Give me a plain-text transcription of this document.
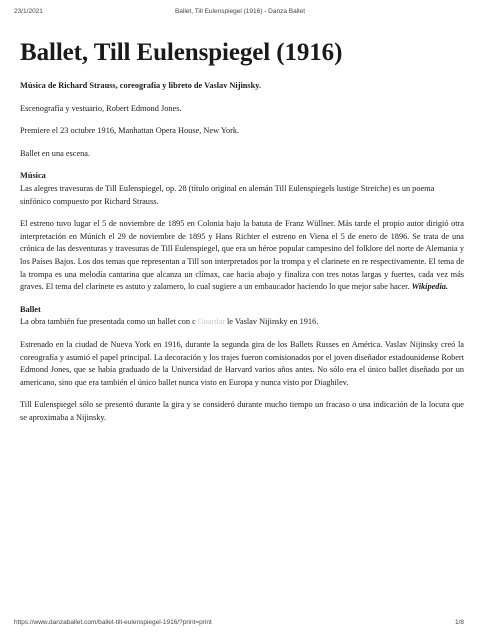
23/1/2021	Ballet, Till Eulenspiegel (1916) - Danza Ballet
Ballet, Till Eulenspiegel (1916)

Música de Richard Strauss, coreografía y libreto de Vaslav Nijinsky.

Escenografía y vestuario, Robert Edmond Jones.

Premiere el 23 octubre 1916, Manhattan Opera House, New York.

Ballet en una escena.

Música

Las alegres travesuras de Till Eulenspiegel, op. 28 (título original en alemán Till Eulenspiegels lustige Streiche) es un poema sinfónico compuesto por Richard Strauss.

El estreno tuvo lugar el 5 de noviembre de 1895 en Colonia bajo la batuta de Franz Wüllner. Más tarde el propio autor dirigió otra interpretación en Múnich el 29 de noviembre de 1895 y Hans Richter el estreno en Viena el 5 de enero de 1896. Se trata de una crónica de las desventuras y travesuras de Till Eulenspiegel, que era un héroe popular campesino del folklore del norte de Alemania y los Países Bajos. Los dos temas que representan a Till son interpretados por la trompa y el clarinete en re respectivamente. El tema de la trompa es una melodía cantarina que alcanza un clímax, cae hacia abajo y finaliza con tres notas largas y fuertes, cada vez más graves. El tema del clarinete es astuto y zalamero, lo cual sugiere a un embaucador haciendo lo que mejor sabe hacer. Wikipedia.

Ballet

La obra también fue presentada como un ballet con c Guardar le Vaslav Nijinsky en 1916.

Estrenado en la ciudad de Nueva York en 1916, durante la segunda gira de los Ballets Russes en América. Vaslav Nijinsky creó la coreografía y asumió el papel principal. La decoración y los trajes fueron comisionados por el joven diseñador estadounidense Robert Edmond Jones, que se había graduado de la Universidad de Harvard varios años antes. No sólo era el único ballet diseñado por un americano, sino que era también el único ballet nunca visto en Europa y nunca visto por Diaghilev.

Till Eulenspiegel sólo se presentó durante la gira y se consideró durante mucho tiempo un fracaso o una indicación de la locura que se aproximaba a Nijinsky.

https://www.danzaballet.com/ballet-till-eulenspiegel-1916/?print=print	1/8
